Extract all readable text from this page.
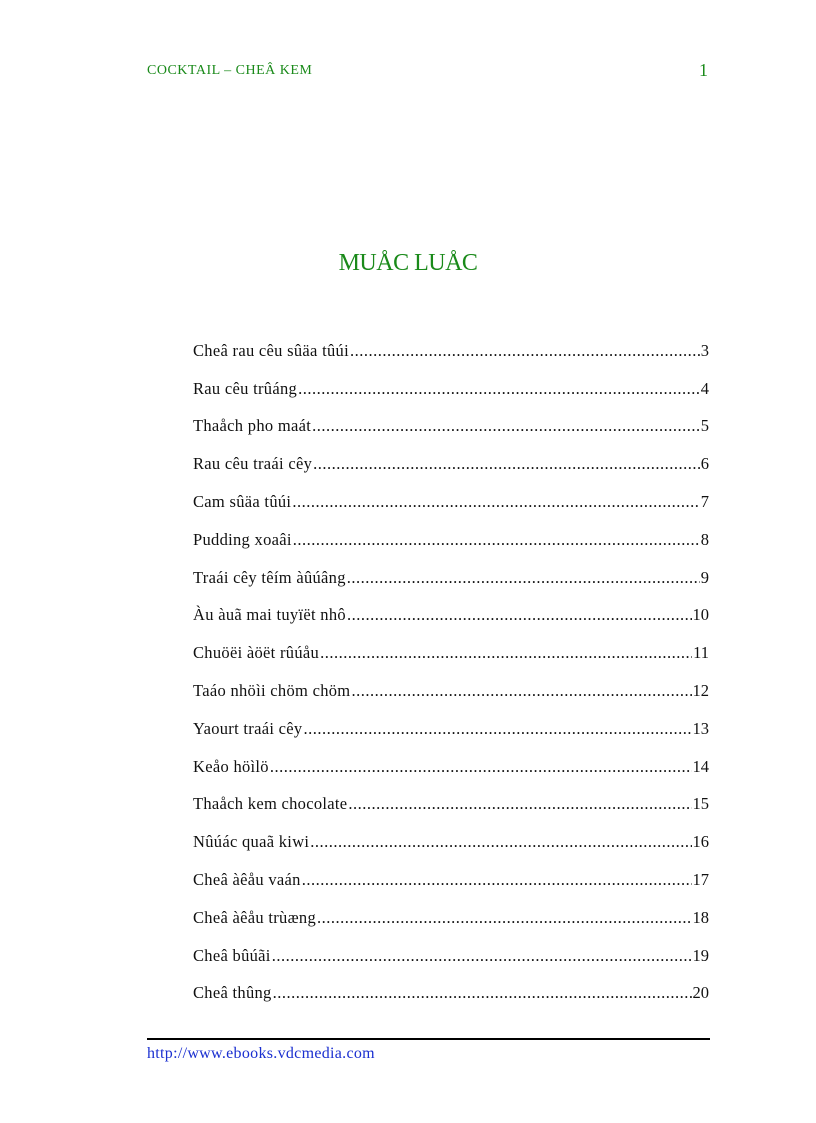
COCKTAIL – CHEÂ KEM	1
MUÅC LUÅC
Cheâ rau cêu sûäa tûúi .....	3
Rau cêu trûáng .....	4
Thaåch pho maát .....	5
Rau cêu traái cêy .....	6
Cam sûäa tûúi .....	7
Pudding xoaâi .....	8
Traái cêy têím àûúâng .....	9
Àu àuã mai tuyïët nhô .....	10
Chuöëi àöët rûúåu .....	11
Taáo nhöìi chöm chöm .....	12
Yaourt traái cêy .....	13
Keåo höìlö .....	14
Thaåch kem chocolate .....	15
Nûúác quaã kiwi .....	16
Cheâ àêåu vaán .....	17
Cheâ àêåu trùæng .....	18
Cheâ bûúãi .....	19
Cheâ thûng .....	20
http://www.ebooks.vdcmedia.com
